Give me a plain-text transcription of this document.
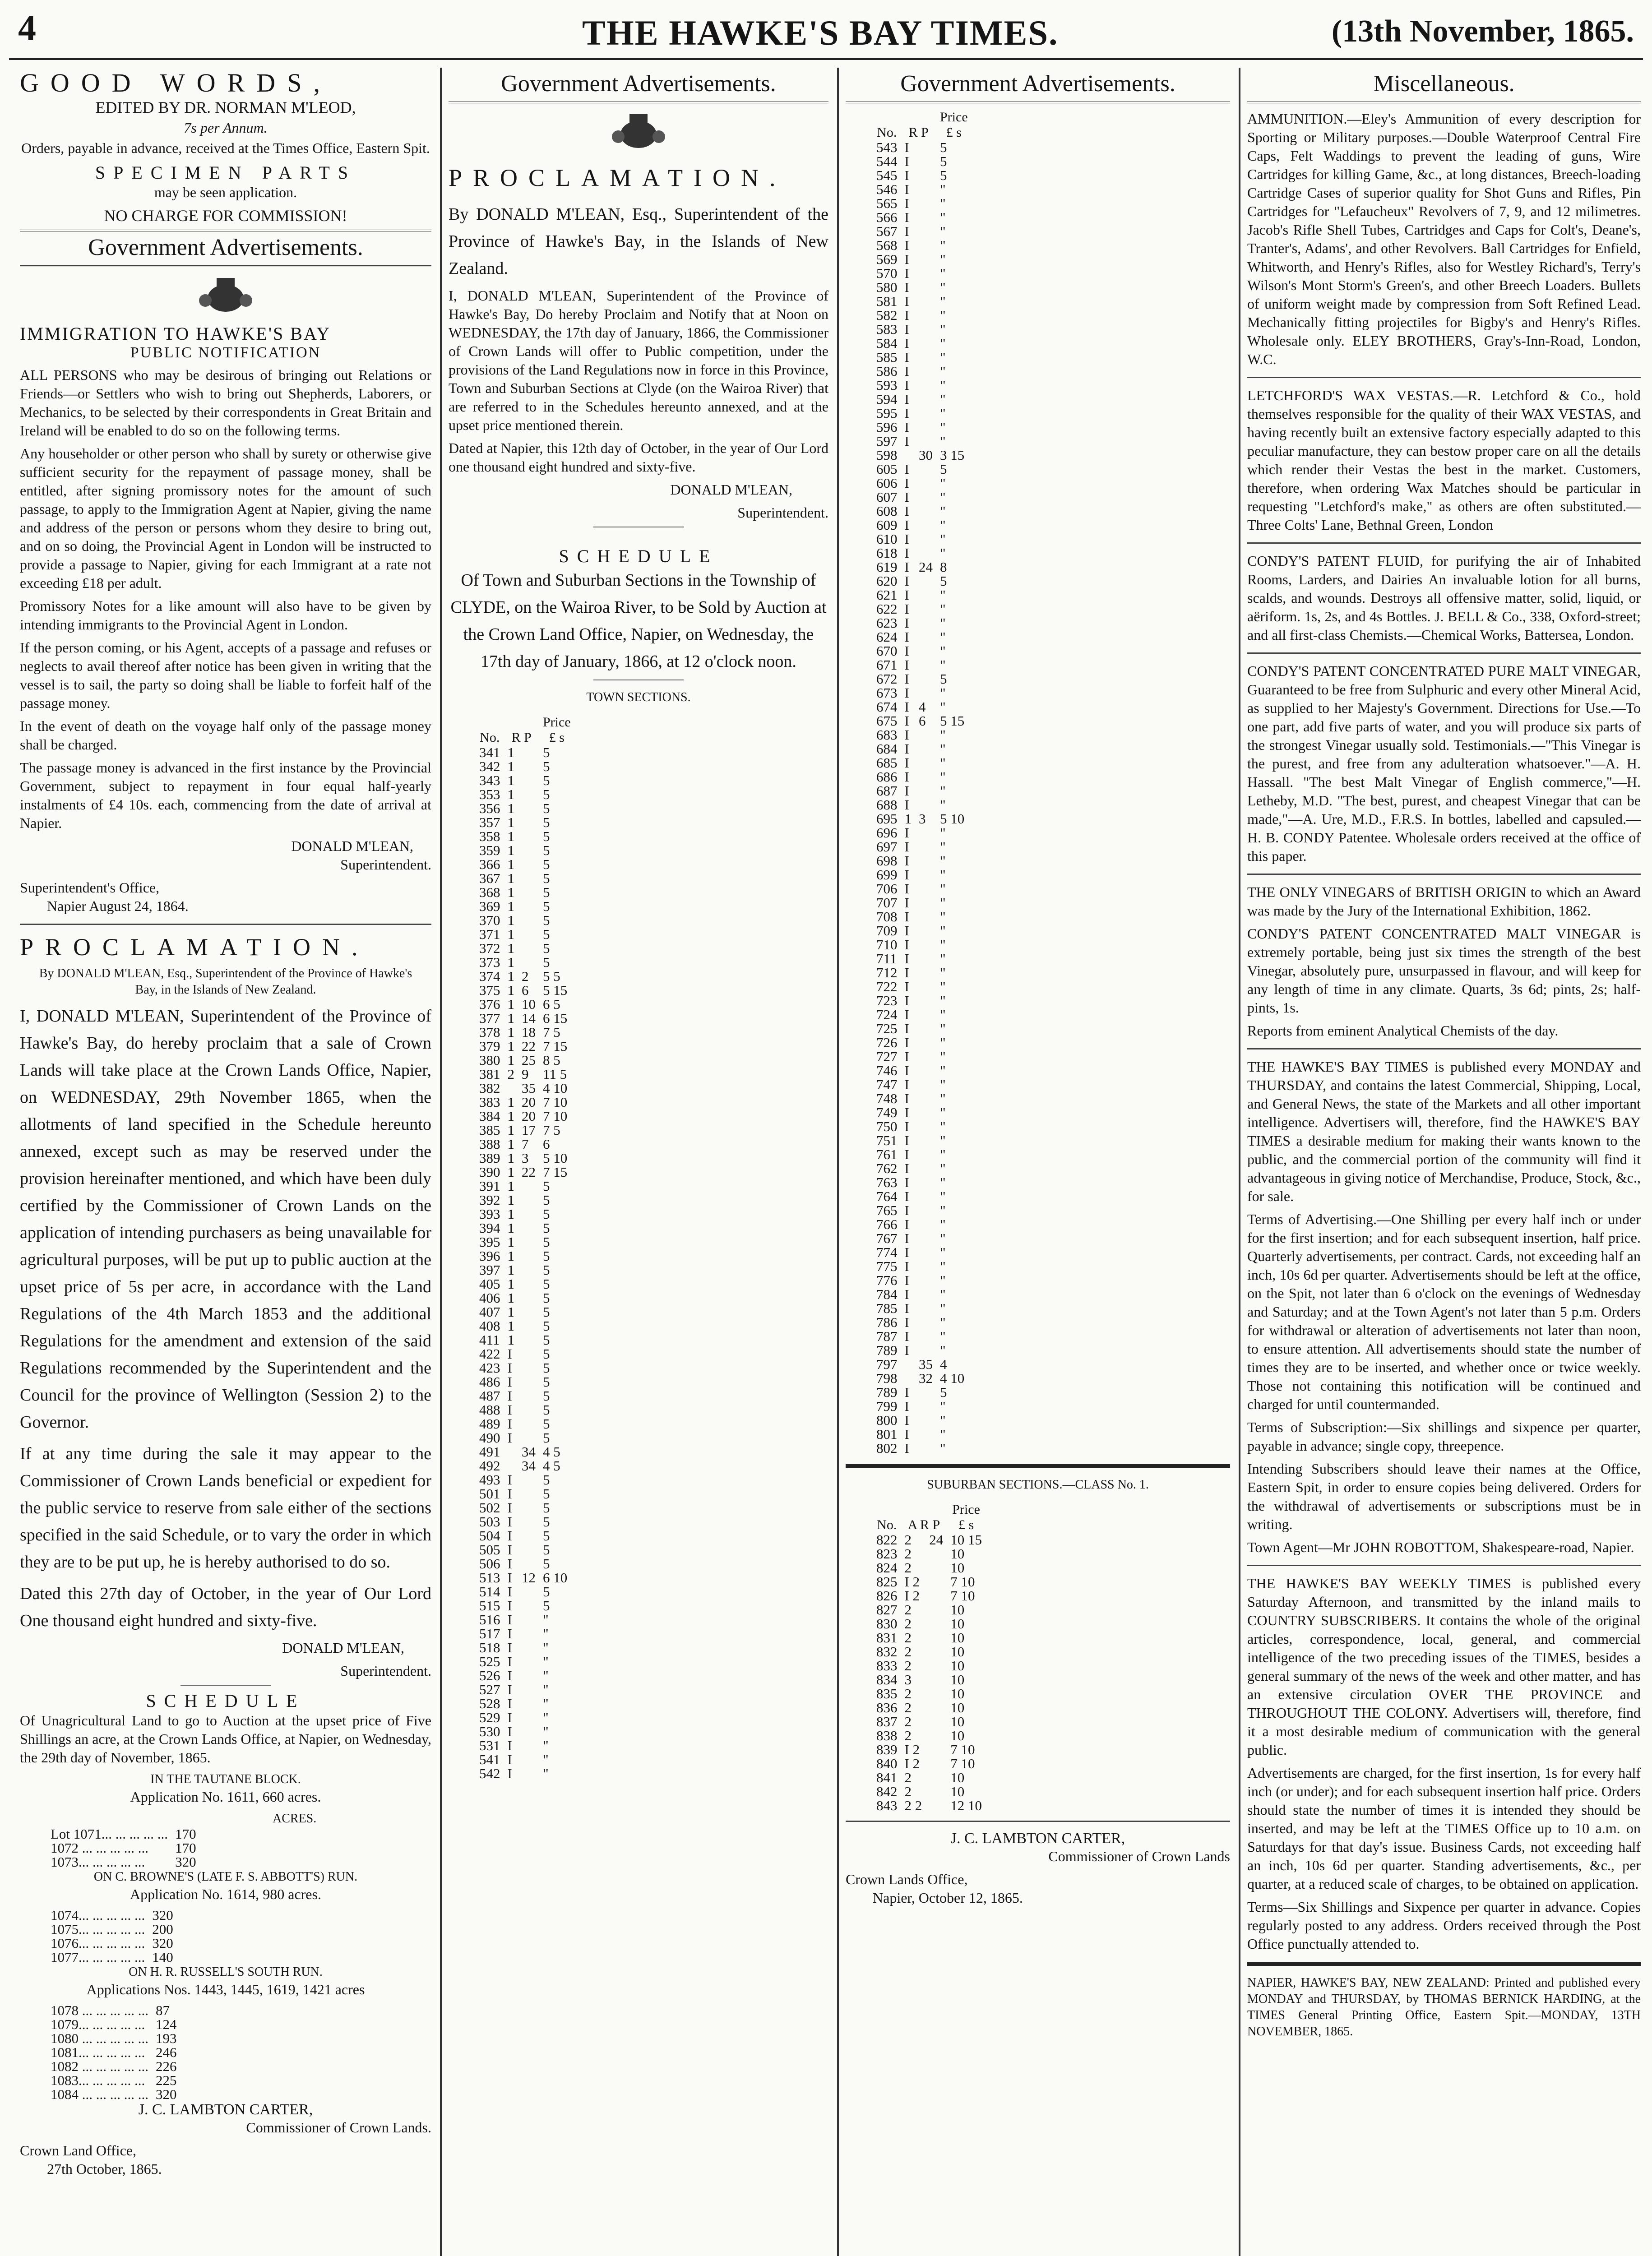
4	THE HAWKE'S BAY TIMES.	(13th November, 1865.
GOOD WORDS,
EDITED BY DR. NORMAN M'LEOD,
7s per Annum.
Orders, payable in advance, received at the Times Office, Eastern Spit.
SPECIMEN PARTS
may be seen application.
NO CHARGE FOR COMMISSION!
Government Advertisements.
IMMIGRATION TO HAWKE'S BAY
PUBLIC NOTIFICATION
ALL PERSONS who may be desirous of bringing out Relations or Friends—or Settlers who wish to bring out Shepherds, Laborers, or Mechanics, to be selected by their correspondents in Great Britain and Ireland will be enabled to do so on the following terms.
Any householder or other person who shall by surety or otherwise give sufficient security for the repayment of passage money, shall be entitled, after signing promissory notes for the amount of such passage, to apply to the Immigration Agent at Napier, giving the name and address of the person or persons whom they desire to bring out, and on so doing, the Provincial Agent in London will be instructed to provide a passage to Napier, giving for each Immigrant at a rate not exceeding £18 per adult.
Promissory Notes for a like amount will also have to be given by intending immigrants to the Provincial Agent in London.
If the person coming, or his Agent, accepts of a passage and refuses or neglects to avail thereof after notice has been given in writing that the vessel is to sail, the party so doing shall be liable to forfeit half of the passage money.
In the event of death on the voyage half only of the passage money shall be charged.
The passage money is advanced in the first instance by the Provincial Government, subject to repayment in four equal half-yearly instalments of £4 10s. each, commencing from the date of arrival at Napier.
DONALD M'LEAN,
Superintendent.
Superintendent's Office,
Napier August 24, 1864.
PROCLAMATION.
By DONALD M'LEAN, Esq., Superintendent of the Province of Hawke's Bay, in the Islands of New Zealand.
I, DONALD M'LEAN, Superintendent of the Province of Hawke's Bay, do hereby proclaim that a sale of Crown Lands will take place at the Crown Lands Office, Napier, on WEDNESDAY, 29th November 1865, when the allotments of land specified in the Schedule hereunto annexed, except such as may be reserved under the provision hereinafter mentioned, and which have been duly certified by the Commissioner of Crown Lands on the application of intending purchasers as being unavailable for agricultural purposes, will be put up to public auction at the upset price of 5s per acre, in accordance with the Land Regulations of the 4th March 1853 and the additional Regulations for the amendment and extension of the said Regulations recommended by the Superintendent and the Council for the province of Wellington (Session 2) to the Governor.
If at any time during the sale it may appear to the Commissioner of Crown Lands beneficial or expedient for the public service to reserve from sale either of the sections specified in the said Schedule, or to vary the order in which they are to be put up, he is hereby authorised to do so.
Dated this 27th day of October, in the year of Our Lord One thousand eight hundred and sixty-five.
DONALD M'LEAN,
Superintendent.
SCHEDULE
Of Unagricultural Land to go to Auction at the upset price of Five Shillings an acre, at the Crown Lands Office, at Napier, on Wednesday, the 29th day of November, 1865.
IN THE TAUTANE BLOCK.
Application No. 1611, 660 acres.
ACRES.
Lot 1071... ... ... ... ...	170
1072 ... ... ... ... ...	170
1073... ... ... ... ...	320
ON C. BROWNE'S (LATE F. S. ABBOTT'S) RUN.
Application No. 1614, 980 acres.
1074... ... ... ... ...	320
1075... ... ... ... ...	200
1076... ... ... ... ...	320
1077... ... ... ... ...	140
ON H. R. RUSSELL'S SOUTH RUN.
Applications Nos. 1443, 1445, 1619, 1421 acres
1078 ... ... ... ... ...	87
1079... ... ... ... ...	124
1080 ... ... ... ... ...	193
1081... ... ... ... ...	246
1082 ... ... ... ... ...	226
1083... ... ... ... ...	225
1084 ... ... ... ... ...	320
J. C. LAMBTON CARTER,
Commissioner of Crown Lands.
Crown Land Office,
27th October, 1865.
Government Advertisements.
PROCLAMATION.
By DONALD M'LEAN, Esq., Superintendent of the Province of Hawke's Bay, in the Islands of New Zealand.
I, DONALD M'LEAN, Superintendent of the Province of Hawke's Bay, Do hereby Proclaim and Notify that at Noon on WEDNESDAY, the 17th day of January, 1866, the Commissioner of Crown Lands will offer to Public competition, under the provisions of the Land Regulations now in force in this Province, Town and Suburban Sections at Clyde (on the Wairoa River) that are referred to in the Schedules hereunto annexed, and at the upset price mentioned therein.
Dated at Napier, this 12th day of October, in the year of Our Lord one thousand eight hundred and sixty-five.
DONALD M'LEAN,
Superintendent.
SCHEDULE
Of Town and Suburban Sections in the Township of CLYDE, on the Wairoa River, to be Sold by Auction at the Crown Land Office, Napier, on Wednesday, the 17th day of January, 1866, at 12 o'clock noon.
TOWN SECTIONS.
			Price
No.	R P		£ s
341	1		5
342	1		5
343	1		5
353	1		5
356	1		5
357	1		5
358	1		5
359	1		5
366	1		5
367	1		5
368	1		5
369	1		5
370	1		5
371	1		5
372	1		5
373	1		5
374	1	2	5 5
375	1	6	5 15
376	1	10	6 5
377	1	14	6 15
378	1	18	7 5
379	1	22	7 15
380	1	25	8 5
381	2	9	11 5
382		35	4 10
383	1	20	7 10
384	1	20	7 10
385	1	17	7 5
388	1	7	6
389	1	3	5 10
390	1	22	7 15
391	1		5
392	1		5
393	1		5
394	1		5
395	1		5
396	1		5
397	1		5
405	1		5
406	1		5
407	1		5
408	1		5
411	1		5
422	I		5
423	I		5
486	I		5
487	I		5
488	I		5
489	I		5
490	I		5
491		34	4 5
492		34	4 5
493	I		5
501	I		5
502	I		5
503	I		5
504	I		5
505	I		5
506	I		5
513	I	12	6 10
514	I		5
515	I		5
516	I		"
517	I		"
518	I		"
525	I		"
526	I		"
527	I		"
528	I		"
529	I		"
530	I		"
531	I		"
541	I		"
542	I		"
Government Advertisements.
			Price
No.	R P		£ s
543	I		5
544	I		5
545	I		5
546	I		"
565	I		"
566	I		"
567	I		"
568	I		"
569	I		"
570	I		"
580	I		"
581	I		"
582	I		"
583	I		"
584	I		"
585	I		"
586	I		"
593	I		"
594	I		"
595	I		"
596	I		"
597	I		"
598		30	3 15
605	I		5
606	I		"
607	I		"
608	I		"
609	I		"
610	I		"
618	I		"
619	I	24	8
620	I		5
621	I		"
622	I		"
623	I		"
624	I		"
670	I		"
671	I		"
672	I		5
673	I		"
674	I	4	"
675	I	6	5 15
683	I		"
684	I		"
685	I		"
686	I		"
687	I		"
688	I		"
695	1	3	5 10
696	I		"
697	I		"
698	I		"
699	I		"
706	I		"
707	I		"
708	I		"
709	I		"
710	I		"
711	I		"
712	I		"
722	I		"
723	I		"
724	I		"
725	I		"
726	I		"
727	I		"
746	I		"
747	I		"
748	I		"
749	I		"
750	I		"
751	I		"
761	I		"
762	I		"
763	I		"
764	I		"
765	I		"
766	I		"
767	I		"
774	I		"
775	I		"
776	I		"
784	I		"
785	I		"
786	I		"
787	I		"
789	I		"
797		35	4
798		32	4 10
789	I		5
799	I		"
800	I		"
801	I		"
802	I		"
SUBURBAN SECTIONS.—CLASS No. 1.
			Price
No.	A R P		£ s
822	2	24	10 15
823	2		10
824	2		10
825	I 2		7 10
826	I 2		7 10
827	2		10
830	2		10
831	2		10
832	2		10
833	2		10
834	3		10
835	2		10
836	2		10
837	2		10
838	2		10
839	I 2		7 10
840	I 2		7 10
841	2		10
842	2		10
843	2 2		12 10
J. C. LAMBTON CARTER,
Commissioner of Crown Lands
Crown Lands Office,
Napier, October 12, 1865.
Miscellaneous.
AMMUNITION.—Eley's Ammunition of every description for Sporting or Military purposes.—Double Waterproof Central Fire Caps, Felt Waddings to prevent the leading of guns, Wire Cartridges for killing Game, &c., at long distances, Breech-loading Cartridge Cases of superior quality for Shot Guns and Rifles, Pin Cartridges for "Lefaucheux" Revolvers of 7, 9, and 12 milimetres. Jacob's Rifle Shell Tubes, Cartridges and Caps for Colt's, Deane's, Tranter's, Adams', and other Revolvers. Ball Cartridges for Enfield, Whitworth, and Henry's Rifles, also for Westley Richard's, Terry's Wilson's Mont Storm's Green's, and other Breech Loaders. Bullets of uniform weight made by compression from Soft Refined Lead. Mechanically fitting projectiles for Bigby's and Henry's Rifles. Wholesale only. ELEY BROTHERS, Gray's-Inn-Road, London, W.C.
LETCHFORD'S WAX VESTAS.—R. Letchford & Co., hold themselves responsible for the quality of their WAX VESTAS, and having recently built an extensive factory especially adapted to this peculiar manufacture, they can bestow proper care on all the details which render their Vestas the best in the market. Customers, therefore, when ordering Wax Matches should be particular in requesting "Letchford's make," as others are often substituted.—Three Colts' Lane, Bethnal Green, London
CONDY'S PATENT FLUID, for purifying the air of Inhabited Rooms, Larders, and Dairies An invaluable lotion for all burns, scalds, and wounds. Destroys all offensive matter, solid, liquid, or aëriform. 1s, 2s, and 4s Bottles. J. BELL & Co., 338, Oxford-street; and all first-class Chemists.—Chemical Works, Battersea, London.
CONDY'S PATENT CONCENTRATED PURE MALT VINEGAR, Guaranteed to be free from Sulphuric and every other Mineral Acid, as supplied to her Majesty's Government. Directions for Use.—To one part, add five parts of water, and you will produce six parts of the strongest Vinegar usually sold. Testimonials.—"This Vinegar is the purest, and free from any adulteration whatsoever."—A. H. Hassall. "The best Malt Vinegar of English commerce,"—H. Letheby, M.D. "The best, purest, and cheapest Vinegar that can be made,"—A. Ure, M.D., F.R.S. In bottles, labelled and capsuled.—H. B. CONDY Patentee. Wholesale orders received at the office of this paper.
THE ONLY VINEGARS of BRITISH ORIGIN to which an Award was made by the Jury of the International Exhibition, 1862.
CONDY'S PATENT CONCENTRATED MALT VINEGAR is extremely portable, being just six times the strength of the best Vinegar, absolutely pure, unsurpassed in flavour, and will keep for any length of time in any climate. Quarts, 3s 6d; pints, 2s; half-pints, 1s.
Reports from eminent Analytical Chemists of the day.
THE HAWKE'S BAY TIMES is published every MONDAY and THURSDAY, and contains the latest Commercial, Shipping, Local, and General News, the state of the Markets and all other important intelligence. Advertisers will, therefore, find the HAWKE'S BAY TIMES a desirable medium for making their wants known to the public, and the commercial portion of the community will find it advantageous in giving notice of Merchandise, Produce, Stock, &c., for sale.
Terms of Advertising.—One Shilling per every half inch or under for the first insertion; and for each subsequent insertion, half price. Quarterly advertisements, per contract. Cards, not exceeding half an inch, 10s 6d per quarter. Advertisements should be left at the office, on the Spit, not later than 6 o'clock on the evenings of Wednesday and Saturday; and at the Town Agent's not later than 5 p.m. Orders for withdrawal or alteration of advertisements not later than noon, to ensure attention. All advertisements should state the number of times they are to be inserted, and whether once or twice weekly. Those not containing this notification will be continued and charged for until countermanded.
Terms of Subscription:—Six shillings and sixpence per quarter, payable in advance; single copy, threepence.
Intending Subscribers should leave their names at the Office, Eastern Spit, in order to ensure copies being delivered. Orders for the withdrawal of advertisements or subscriptions must be in writing.
Town Agent—Mr JOHN ROBOTTOM, Shakespeare-road, Napier.
THE HAWKE'S BAY WEEKLY TIMES is published every Saturday Afternoon, and transmitted by the inland mails to COUNTRY SUBSCRIBERS. It contains the whole of the original articles, correspondence, local, general, and commercial intelligence of the two preceding issues of the TIMES, besides a general summary of the news of the week and other matter, and has an extensive circulation OVER THE PROVINCE and THROUGHOUT THE COLONY. Advertisers will, therefore, find it a most desirable medium of communication with the general public.
Advertisements are charged, for the first insertion, 1s for every half inch (or under); and for each subsequent insertion half price. Orders should state the number of times it is intended they should be inserted, and may be left at the TIMES Office up to 10 a.m. on Saturdays for that day's issue. Business Cards, not exceeding half an inch, 10s 6d per quarter. Standing advertisements, &c., per quarter, at a reduced scale of charges, to be obtained on application.
Terms—Six Shillings and Sixpence per quarter in advance. Copies regularly posted to any address. Orders received through the Post Office punctually attended to.
NAPIER, HAWKE'S BAY, NEW ZEALAND: Printed and published every MONDAY and THURSDAY, by THOMAS BERNICK HARDING, at the TIMES General Printing Office, Eastern Spit.—MONDAY, 13TH NOVEMBER, 1865.
